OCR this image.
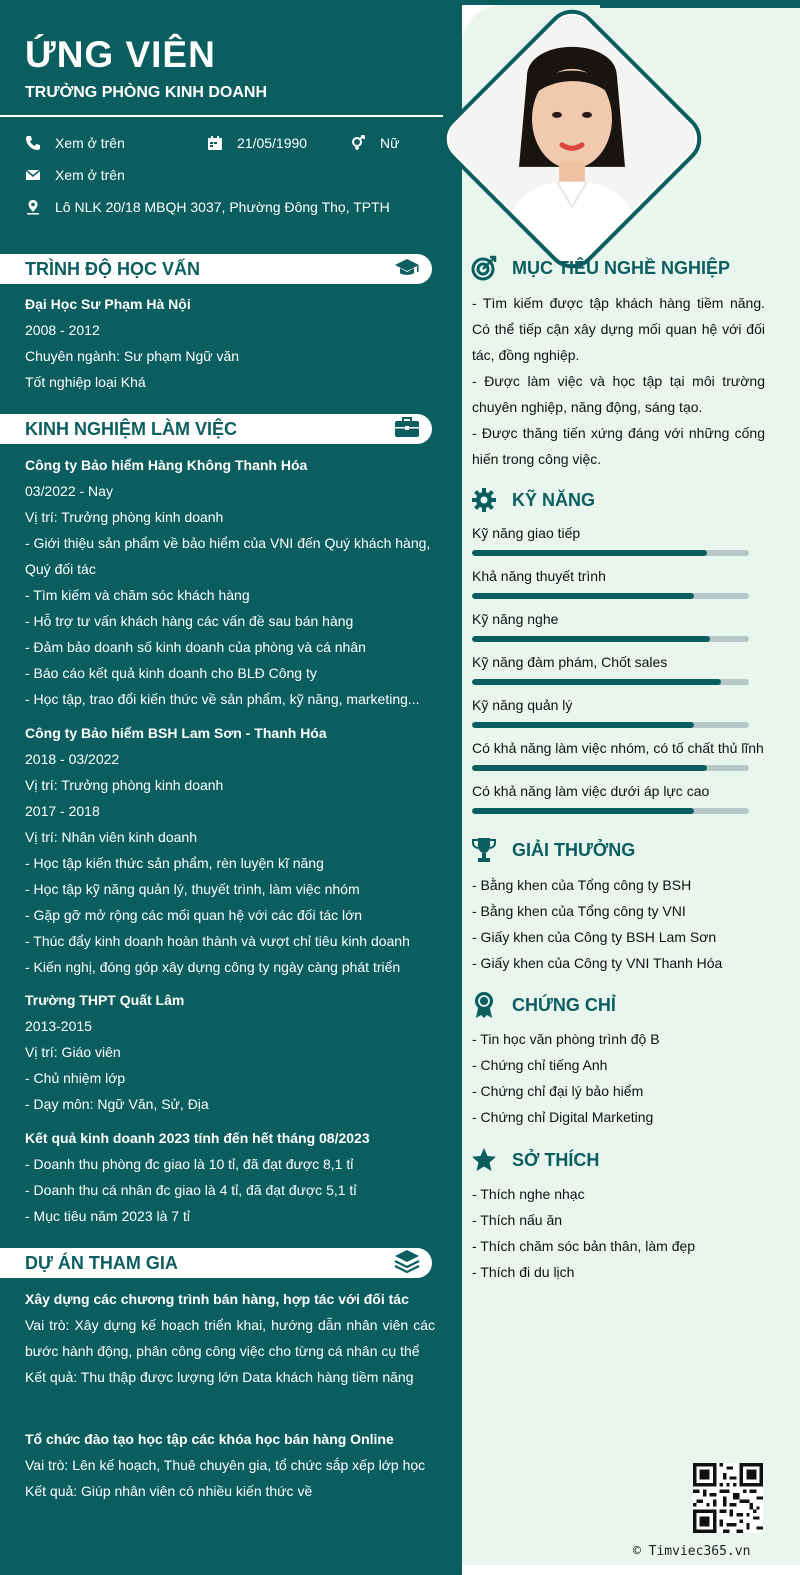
ỨNG VIÊN
TRƯỞNG PHÒNG KINH DOANH
Xem ở trên	21/05/1990	Nữ
Xem ở trên
Lô NLK 20/18 MBQH 3037, Phường Đông Thọ, TPTH
TRÌNH ĐỘ HỌC VẤN
Đại Học Sư Phạm Hà Nội
2008 - 2012
Chuyên ngành: Sư phạm Ngữ văn
Tốt nghiệp loại Khá
KINH NGHIỆM LÀM VIỆC
Công ty Bảo hiểm Hàng Không Thanh Hóa
03/2022 - Nay
Vị trí: Trưởng phòng kinh doanh
- Giới thiệu sản phẩm về bảo hiểm của VNI đến Quý khách hàng, Quý đối tác
- Tìm kiếm và chăm sóc khách hàng
- Hỗ trợ tư vấn khách hàng các vấn đề sau bán hàng
- Đảm bảo doanh số kinh doanh của phòng và cá nhân
- Báo cáo kết quả kinh doanh cho BLĐ Công ty
- Học tập, trao đổi kiến thức về sản phẩm, kỹ năng, marketing...
Công ty Bảo hiểm BSH Lam Sơn - Thanh Hóa
2018 - 03/2022
Vị trí: Trưởng phòng kinh doanh
2017 - 2018
Vị trí: Nhân viên kinh doanh
- Học tập kiến thức sản phẩm, rèn luyện kĩ năng
- Học tập kỹ năng quản lý, thuyết trình, làm việc nhóm
- Gặp gỡ mở rộng các mối quan hệ với các đối tác lớn
- Thúc đẩy kinh doanh hoàn thành và vượt chỉ tiêu kinh doanh
- Kiến nghị, đóng góp xây dựng công ty ngày càng phát triển
Trường THPT Quất Lâm
2013-2015
Vị trí: Giáo viên
- Chủ nhiệm lớp
- Dạy môn: Ngữ Văn, Sử, Địa
Kết quả kinh doanh 2023 tính đến hết tháng 08/2023
- Doanh thu phòng đc giao là 10 tỉ, đã đạt được 8,1 tỉ
- Doanh thu cá nhân đc giao là 4 tỉ, đã đạt được 5,1 tỉ
- Mục tiêu năm 2023 là 7 tỉ
DỰ ÁN THAM GIA
Xây dựng các chương trình bán hàng, hợp tác với đối tác
Vai trò: Xây dựng kế hoạch triển khai, hướng dẫn nhân viên các bước hành động, phân công công việc cho từng cá nhân cụ thể
Kết quả: Thu thập được lượng lớn Data khách hàng tiềm năng
Tổ chức đào tạo học tập các khóa học bán hàng Online
Vai trò: Lên kế hoạch, Thuê chuyên gia, tổ chức sắp xếp lớp học
Kết quả: Giúp nhân viên có nhiều kiến thức về
MỤC TIÊU NGHỀ NGHIỆP
- Tìm kiếm được tập khách hàng tiềm năng. Có thể tiếp cận xây dựng mối quan hệ với đối tác, đồng nghiệp.
- Được làm việc và học tập tại môi trường chuyên nghiệp, năng động, sáng tạo.
- Được thăng tiến xứng đáng với những cống hiến trong công việc.
KỸ NĂNG
Kỹ năng giao tiếp
Khả năng thuyết trình
Kỹ năng nghe
Kỹ năng đàm phám, Chốt sales
Kỹ năng quản lý
Có khả năng làm việc nhóm, có tố chất thủ lĩnh
Có khả năng làm việc dưới áp lực cao
GIẢI THƯỞNG
- Bằng khen của Tổng công ty BSH
- Bằng khen của Tổng công ty VNI
- Giấy khen của Công ty BSH Lam Sơn
- Giấy khen của Công ty VNI Thanh Hóa
CHỨNG CHỈ
- Tin học văn phòng trình độ B
- Chứng chỉ tiếng Anh
- Chứng chỉ đại lý bảo hiểm
- Chứng chỉ Digital Marketing
SỞ THÍCH
- Thích nghe nhạc
- Thích nấu ăn
- Thích chăm sóc bản thân, làm đẹp
- Thích đi du lịch
© Timviec365.vn
